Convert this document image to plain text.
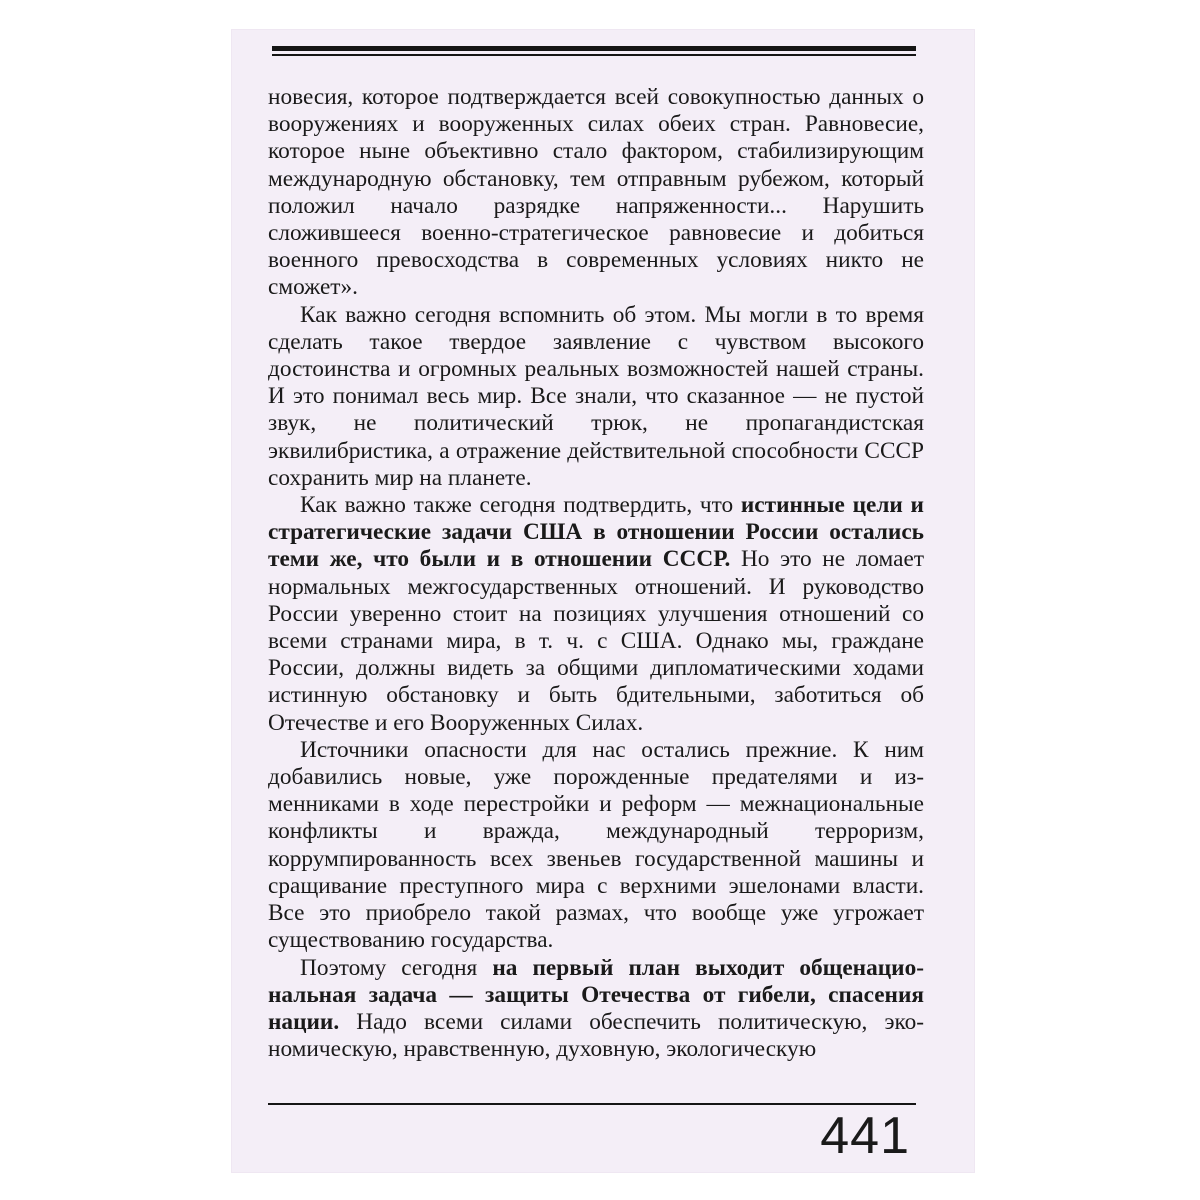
новесия, которое подтверждается всей совокупностью данных о вооружениях и вооруженных силах обеих стран. Равновесие, которое ныне объективно стало фактором, стабилизирующим международную обстановку, тем отправным рубежом, который положил начало разрядке напряженности... Нарушить сложившееся военно-стратегическое равновесие и добиться военного превосходства в современных условиях никто не сможет».

Как важно сегодня вспомнить об этом. Мы могли в то время сделать такое твердое заявление с чувством высокого достоинства и огромных реальных возможностей нашей страны. И это понимал весь мир. Все знали, что сказанное — не пустой звук, не политический трюк, не пропагандистская эквилибристика, а отражение действительной способности СССР сохранить мир на планете.

Как важно также сегодня подтвердить, что истинные цели и стратегические задачи США в отношении России остались теми же, что были и в отношении СССР. Но это не ломает нормальных межгосударственных отношений. И руководство России уверенно стоит на позициях улучшения отношений со всеми странами мира, в т. ч. с США. Однако мы, граждане России, должны видеть за общими дипломатическими ходами истинную обстановку и быть бдительными, заботиться об Отечестве и его Вооруженных Силах.

Источники опасности для нас остались прежние. К ним добавились новые, уже порожденные предателями и изменниками в ходе перестройки и реформ — межнациональные конфликты и вражда, международный терроризм, коррумпированность всех звеньев государственной машины и сращивание преступного мира с верхними эшелонами власти. Все это приобрело такой размах, что вообще уже угрожает существованию государства.

Поэтому сегодня на первый план выходит общенациональная задача — защиты Отечества от гибели, спасения нации. Надо всеми силами обеспечить политическую, экономическую, нравственную, духовную, экологическую

441
